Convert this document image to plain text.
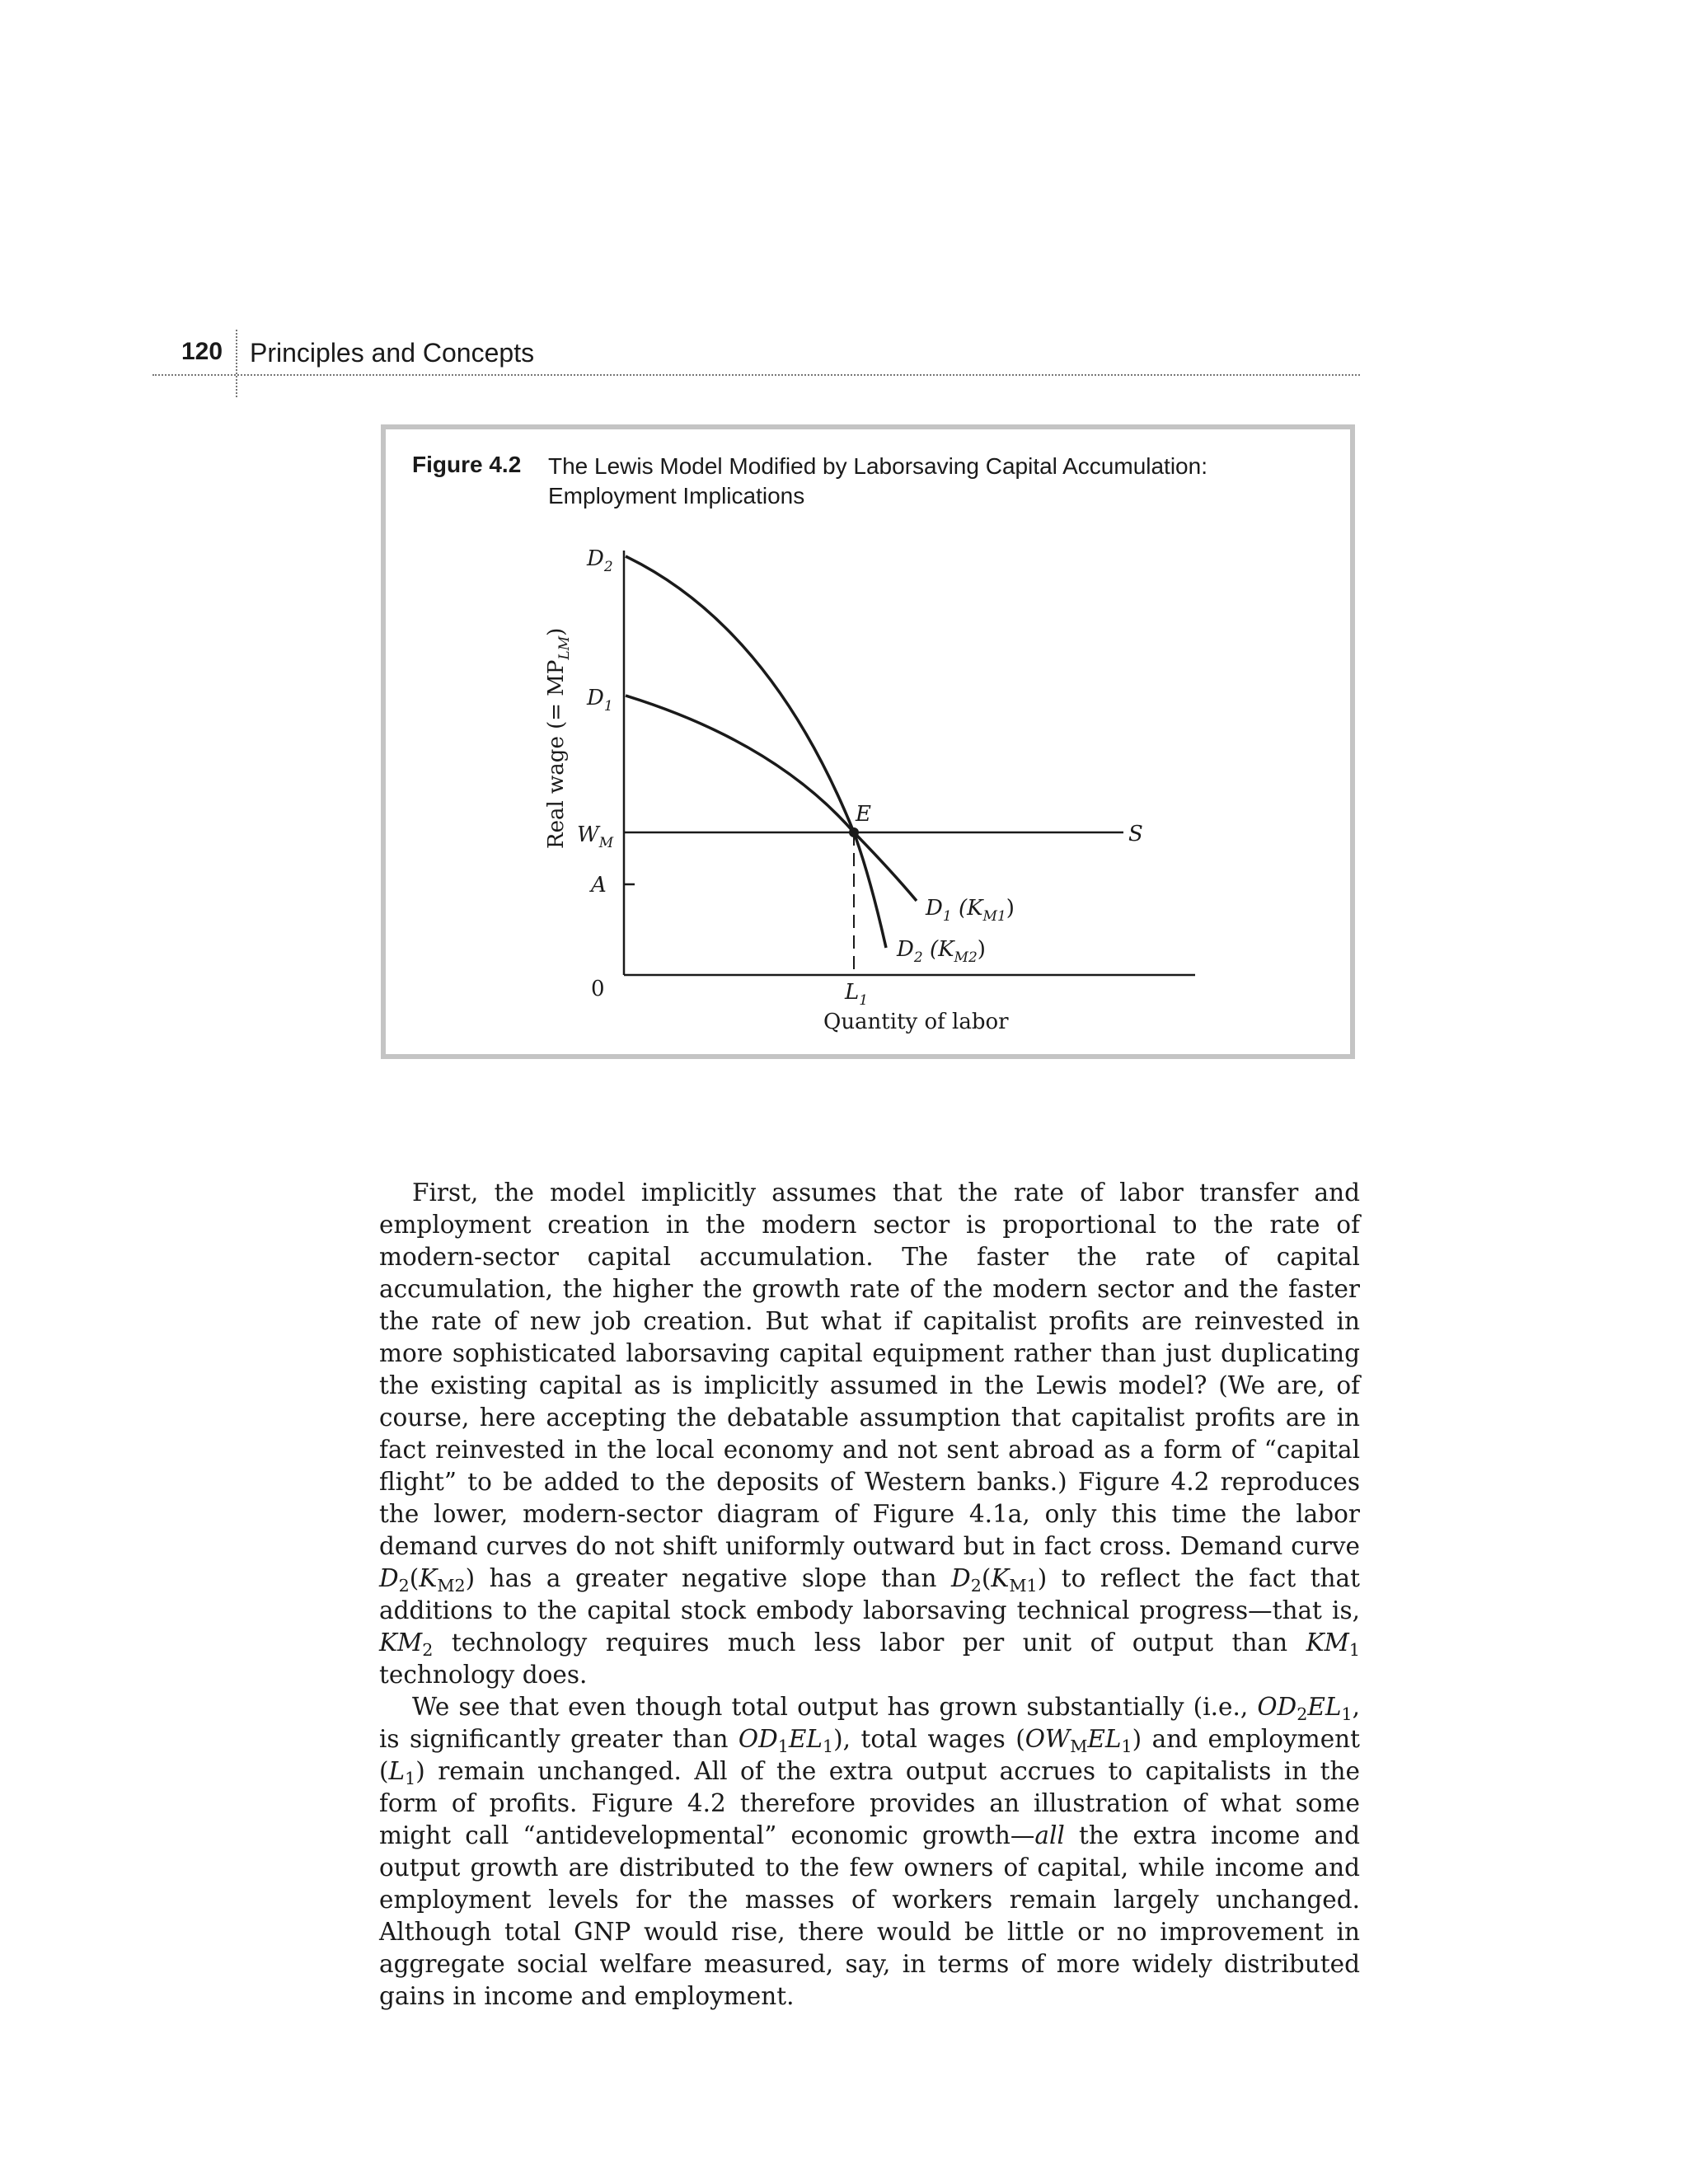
120 Principles and Concepts
Figure 4.2 The Lewis Model Modified by Laborsaving Capital Accumulation:
Employment Implications
$D_2$
$D_1$
$W_M$
A
0	$L_1$
Quantity of labor
E
S
$D_1$ $(K_{M1})$
$D_2$ $(K_{M2})$
Real wage (= $MP_{LM}$)

First, the model implicitly assumes that the rate of labor transfer and employment creation in the modern sector is proportional to the rate of modern-sector capital accumulation. The faster the rate of capital accumulation, the higher the growth rate of the modern sector and the faster the rate of new job creation. But what if capitalist profits are reinvested in more sophisticated laborsaving capital equipment rather than just duplicating the existing capital as is implicitly assumed in the Lewis model? (We are, of course, here accepting the debatable assumption that capitalist profits are in fact reinvested in the local economy and not sent abroad as a form of “capital flight” to be added to the deposits of Western banks.) Figure 4.2 reproduces the lower, modern-sector diagram of Figure 4.1a, only this time the labor demand curves do not shift uniformly outward but in fact cross. Demand curve $D_2(K_{M2})$ has a greater negative slope than $D_2(K_{M1})$ to reflect the fact that additions to the capital stock embody laborsaving technical progress—that is, $KM_2$ technology requires much less labor per unit of output than $KM_1$ technology does.

We see that even though total output has grown substantially (i.e., $OD_2EL_1$, is significantly greater than $OD_1EL_1$), total wages $(OW_MEL_1)$ and employment $(L_1)$ remain unchanged. All of the extra output accrues to capitalists in the form of profits. Figure 4.2 therefore provides an illustration of what some might call “antidevelopmental” economic growth—all the extra income and output growth are distributed to the few owners of capital, while income and employment levels for the masses of workers remain largely unchanged. Although total GNP would rise, there would be little or no improvement in aggregate social welfare measured, say, in terms of more widely distributed gains in income and employment.
